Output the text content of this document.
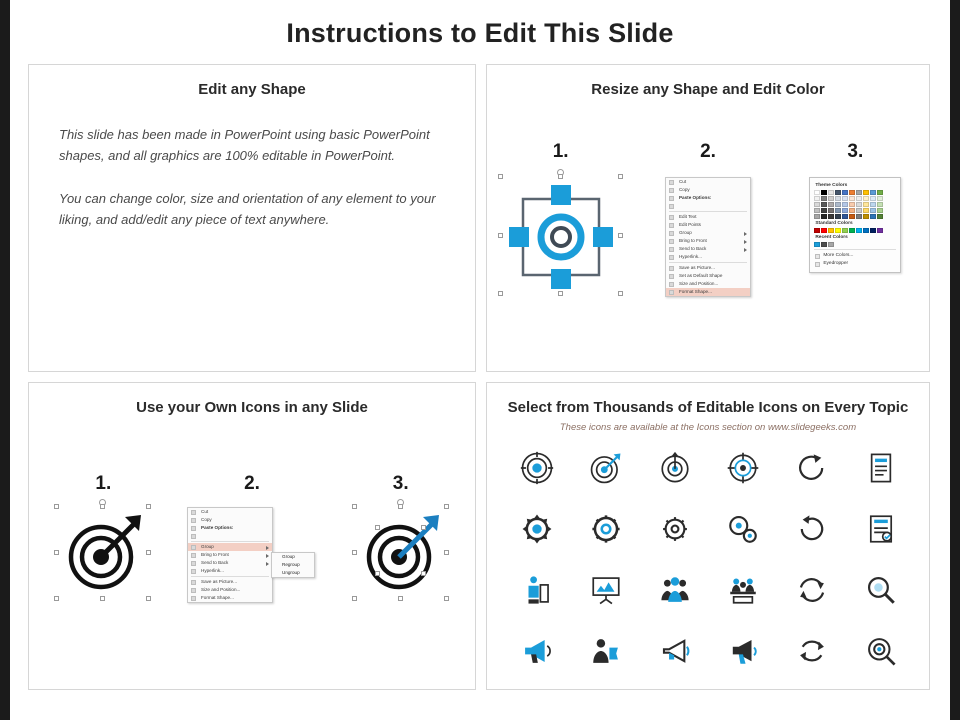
Instructions to Edit This Slide
Edit any Shape
This slide has been made in PowerPoint using basic PowerPoint shapes, and all graphics are 100% editable in PowerPoint.
You can change color, size and orientation of any element to your liking, and add/edit any piece of text anywhere.
Resize any Shape and Edit Color
1.	2.	3.
Cut
Copy
Paste Options:
Edit Text
Edit Points
Group
Bring to Front
Send to Back
Hyperlink...
Save as Picture...
Set as Default Shape
Size and Position...
Format Shape...
Theme Colors
Standard Colors
Recent Colors
More Colors...
Eyedropper
Use your Own Icons in any Slide
1.	2.	3.
Cut
Copy
Paste Options:
Group
Bring to Front
Send to Back
Hyperlink...
Save as Picture...
Size and Position...
Format Shape...
Group
Regroup
Ungroup
Select from Thousands of Editable Icons on Every Topic
These icons are available at the Icons section on www.slidegeeks.com
